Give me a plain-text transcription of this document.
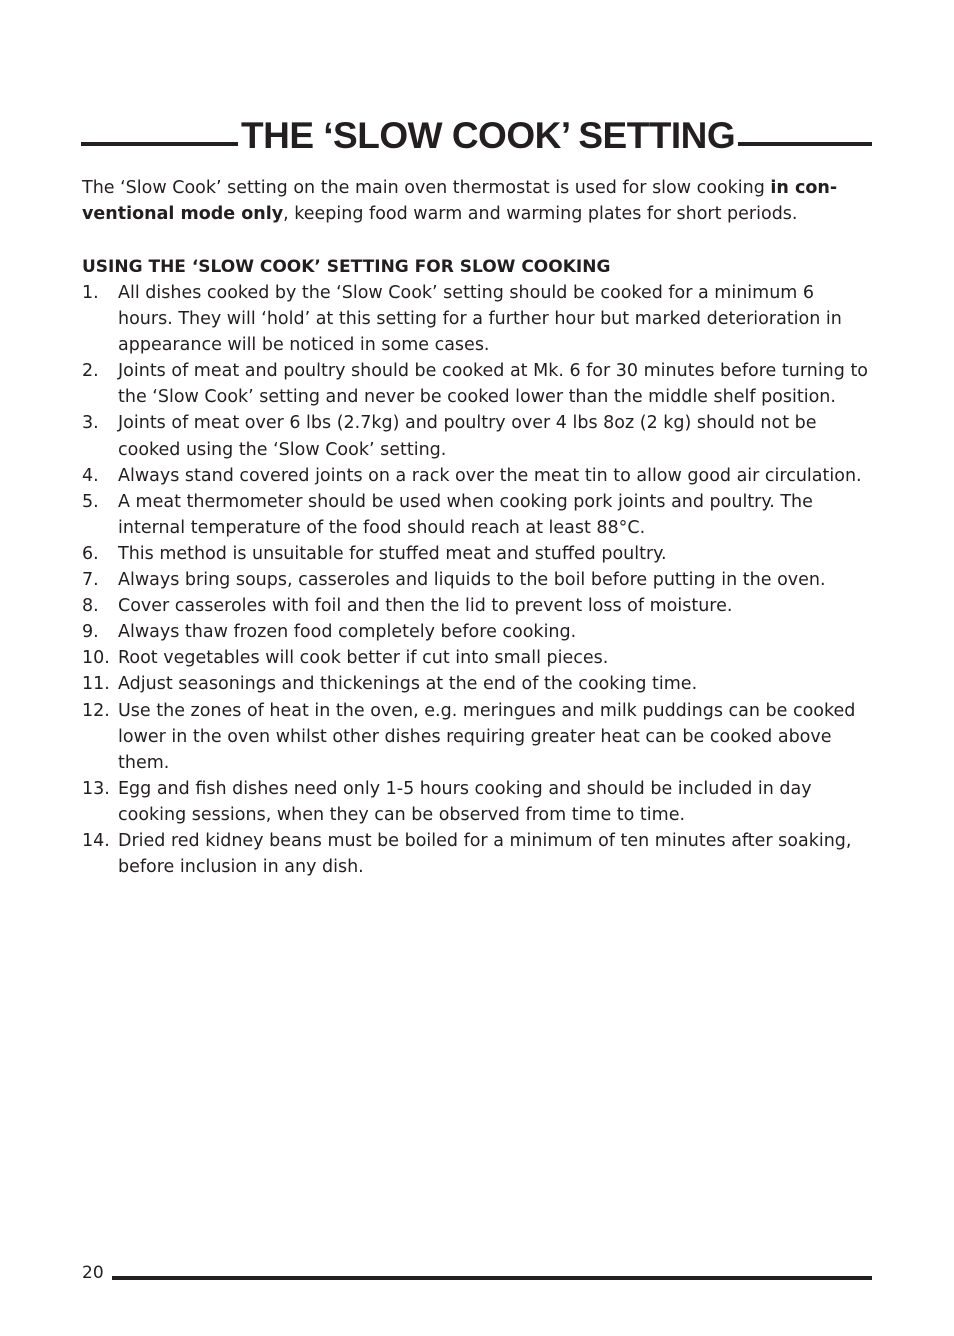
THE ‘SLOW COOK’ SETTING

The ‘Slow Cook’ setting on the main oven thermostat is used for slow cooking in con-
ventional mode only, keeping food warm and warming plates for short periods.

USING THE ‘SLOW COOK’ SETTING FOR SLOW COOKING
1.	All dishes cooked by the ‘Slow Cook’ setting should be cooked for a minimum 6 hours. They will ‘hold’ at this setting for a further hour but marked deterioration in appearance will be noticed in some cases.
2.	Joints of meat and poultry should be cooked at Mk. 6 for 30 minutes before turning to the ‘Slow Cook’ setting and never be cooked lower than the middle shelf position.
3.	Joints of meat over 6 lbs (2.7kg) and poultry over 4 lbs 8oz (2 kg) should not be cooked using the ‘Slow Cook’ setting.
4.	Always stand covered joints on a rack over the meat tin to allow good air circulation.
5.	A meat thermometer should be used when cooking pork joints and poultry. The internal temperature of the food should reach at least 88°C.
6.	This method is unsuitable for stuffed meat and stuffed poultry.
7.	Always bring soups, casseroles and liquids to the boil before putting in the oven.
8.	Cover casseroles with foil and then the lid to prevent loss of moisture.
9.	Always thaw frozen food completely before cooking.
10. Root vegetables will cook better if cut into small pieces.
11. Adjust seasonings and thickenings at the end of the cooking time.
12. Use the zones of heat in the oven, e.g. meringues and milk puddings can be cooked lower in the oven whilst other dishes requiring greater heat can be cooked above them.
13. Egg and fish dishes need only 1-5 hours cooking and should be included in day cooking sessions, when they can be observed from time to time.
14. Dried red kidney beans must be boiled for a minimum of ten minutes after soaking, before inclusion in any dish.
20
